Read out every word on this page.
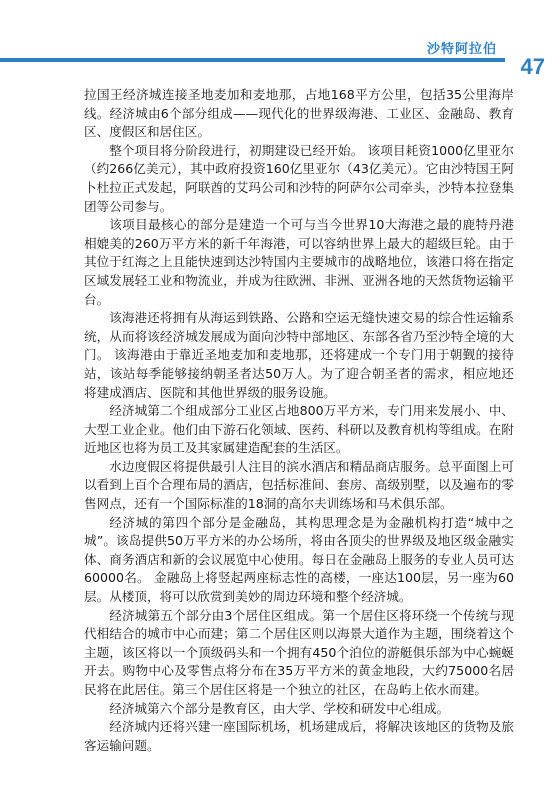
沙特阿拉伯
47

拉国王经济城连接圣地麦加和麦地那，占地168平方公里，包括35公里海岸线。经济城由6个部分组成——现代化的世界级海港、工业区、金融岛、教育区、度假区和居住区。

整个项目将分阶段进行，初期建设已经开始。 该项目耗资1000亿里亚尔（约266亿美元），其中政府投资160亿里亚尔（43亿美元）。它由沙特国王阿卜杜拉正式发起，阿联酋的艾玛公司和沙特的阿萨尔公司牵头，沙特本拉登集团等公司参与。

该项目最核心的部分是建造一个可与当今世界10大海港之最的鹿特丹港相媲美的260万平方米的新千年海港，可以容纳世界上最大的超级巨轮。由于其位于红海之上且能快速到达沙特国内主要城市的战略地位，该港口将在指定区域发展轻工业和物流业，并成为往欧洲、非洲、亚洲各地的天然货物运输平台。

该海港还将拥有从海运到铁路、公路和空运无缝快速交易的综合性运输系统，从而将该经济城发展成为面向沙特中部地区、东部各省乃至沙特全境的大门。 该海港由于靠近圣地麦加和麦地那，还将建成一个专门用于朝觐的接待站，该站每季能够接纳朝圣者达50万人。为了迎合朝圣者的需求，相应地还将建成酒店、医院和其他世界级的服务设施。

经济城第二个组成部分工业区占地800万平方米，专门用来发展小、中、大型工业企业。他们由下游石化领域、医药、科研以及教育机构等组成。在附近地区也将为员工及其家属建造配套的生活区。

水边度假区将提供最引人注目的滨水酒店和精品商店服务。总平面图上可以看到上百个合理布局的酒店，包括标准间、套房、高级别墅，以及遍布的零售网点，还有一个国际标准的18洞的高尔夫训练场和马术俱乐部。

经济城的第四个部分是金融岛，其构思理念是为金融机构打造“城中之城”。该岛提供50万平方米的办公场所，将由各顶尖的世界级及地区级金融实体、商务酒店和新的会议展览中心使用。每日在金融岛上服务的专业人员可达60000名。 金融岛上将竖起两座标志性的高楼，一座达100层，另一座为60层。从楼顶，将可以欣赏到美妙的周边环境和整个经济城。

经济城第五个部分由3个居住区组成。第一个居住区将环绕一个传统与现代相结合的城市中心而建；第二个居住区则以海景大道作为主题，围绕着这个主题，该区将以一个顶级码头和一个拥有450个泊位的游艇俱乐部为中心蜿蜒开去。购物中心及零售点将分布在35万平方米的黄金地段，大约75000名居民将在此居住。第三个居住区将是一个独立的社区，在岛屿上依水而建。

经济城第六个部分是教育区，由大学、学校和研发中心组成。

经济城内还将兴建一座国际机场，机场建成后，将解决该地区的货物及旅客运输问题。
